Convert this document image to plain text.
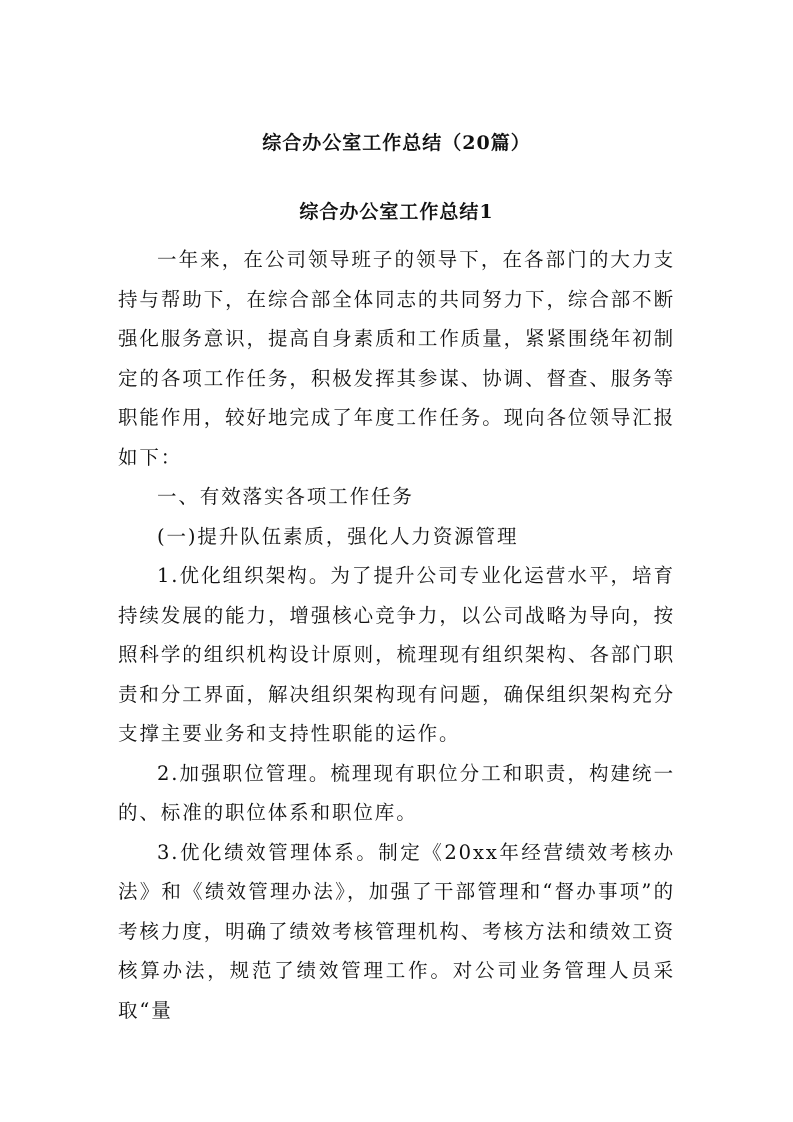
综合办公室工作总结（20篇）
综合办公室工作总结1

一年来，在公司领导班子的领导下，在各部门的大力支持与帮助下，在综合部全体同志的共同努力下，综合部不断强化服务意识，提高自身素质和工作质量，紧紧围绕年初制定的各项工作任务，积极发挥其参谋、协调、督查、服务等职能作用，较好地完成了年度工作任务。现向各位领导汇报如下：

一、有效落实各项工作任务

(一)提升队伍素质，强化人力资源管理

1.优化组织架构。为了提升公司专业化运营水平，培育持续发展的能力，增强核心竞争力，以公司战略为导向，按照科学的组织机构设计原则，梳理现有组织架构、各部门职责和分工界面，解决组织架构现有问题，确保组织架构充分支撑主要业务和支持性职能的运作。

2.加强职位管理。梳理现有职位分工和职责，构建统一的、标准的职位体系和职位库。

3.优化绩效管理体系。制定《20xx年经营绩效考核办法》和《绩效管理办法》，加强了干部管理和“督办事项”的考核力度，明确了绩效考核管理机构、考核方法和绩效工资核算办法，规范了绩效管理工作。对公司业务管理人员采取“量
